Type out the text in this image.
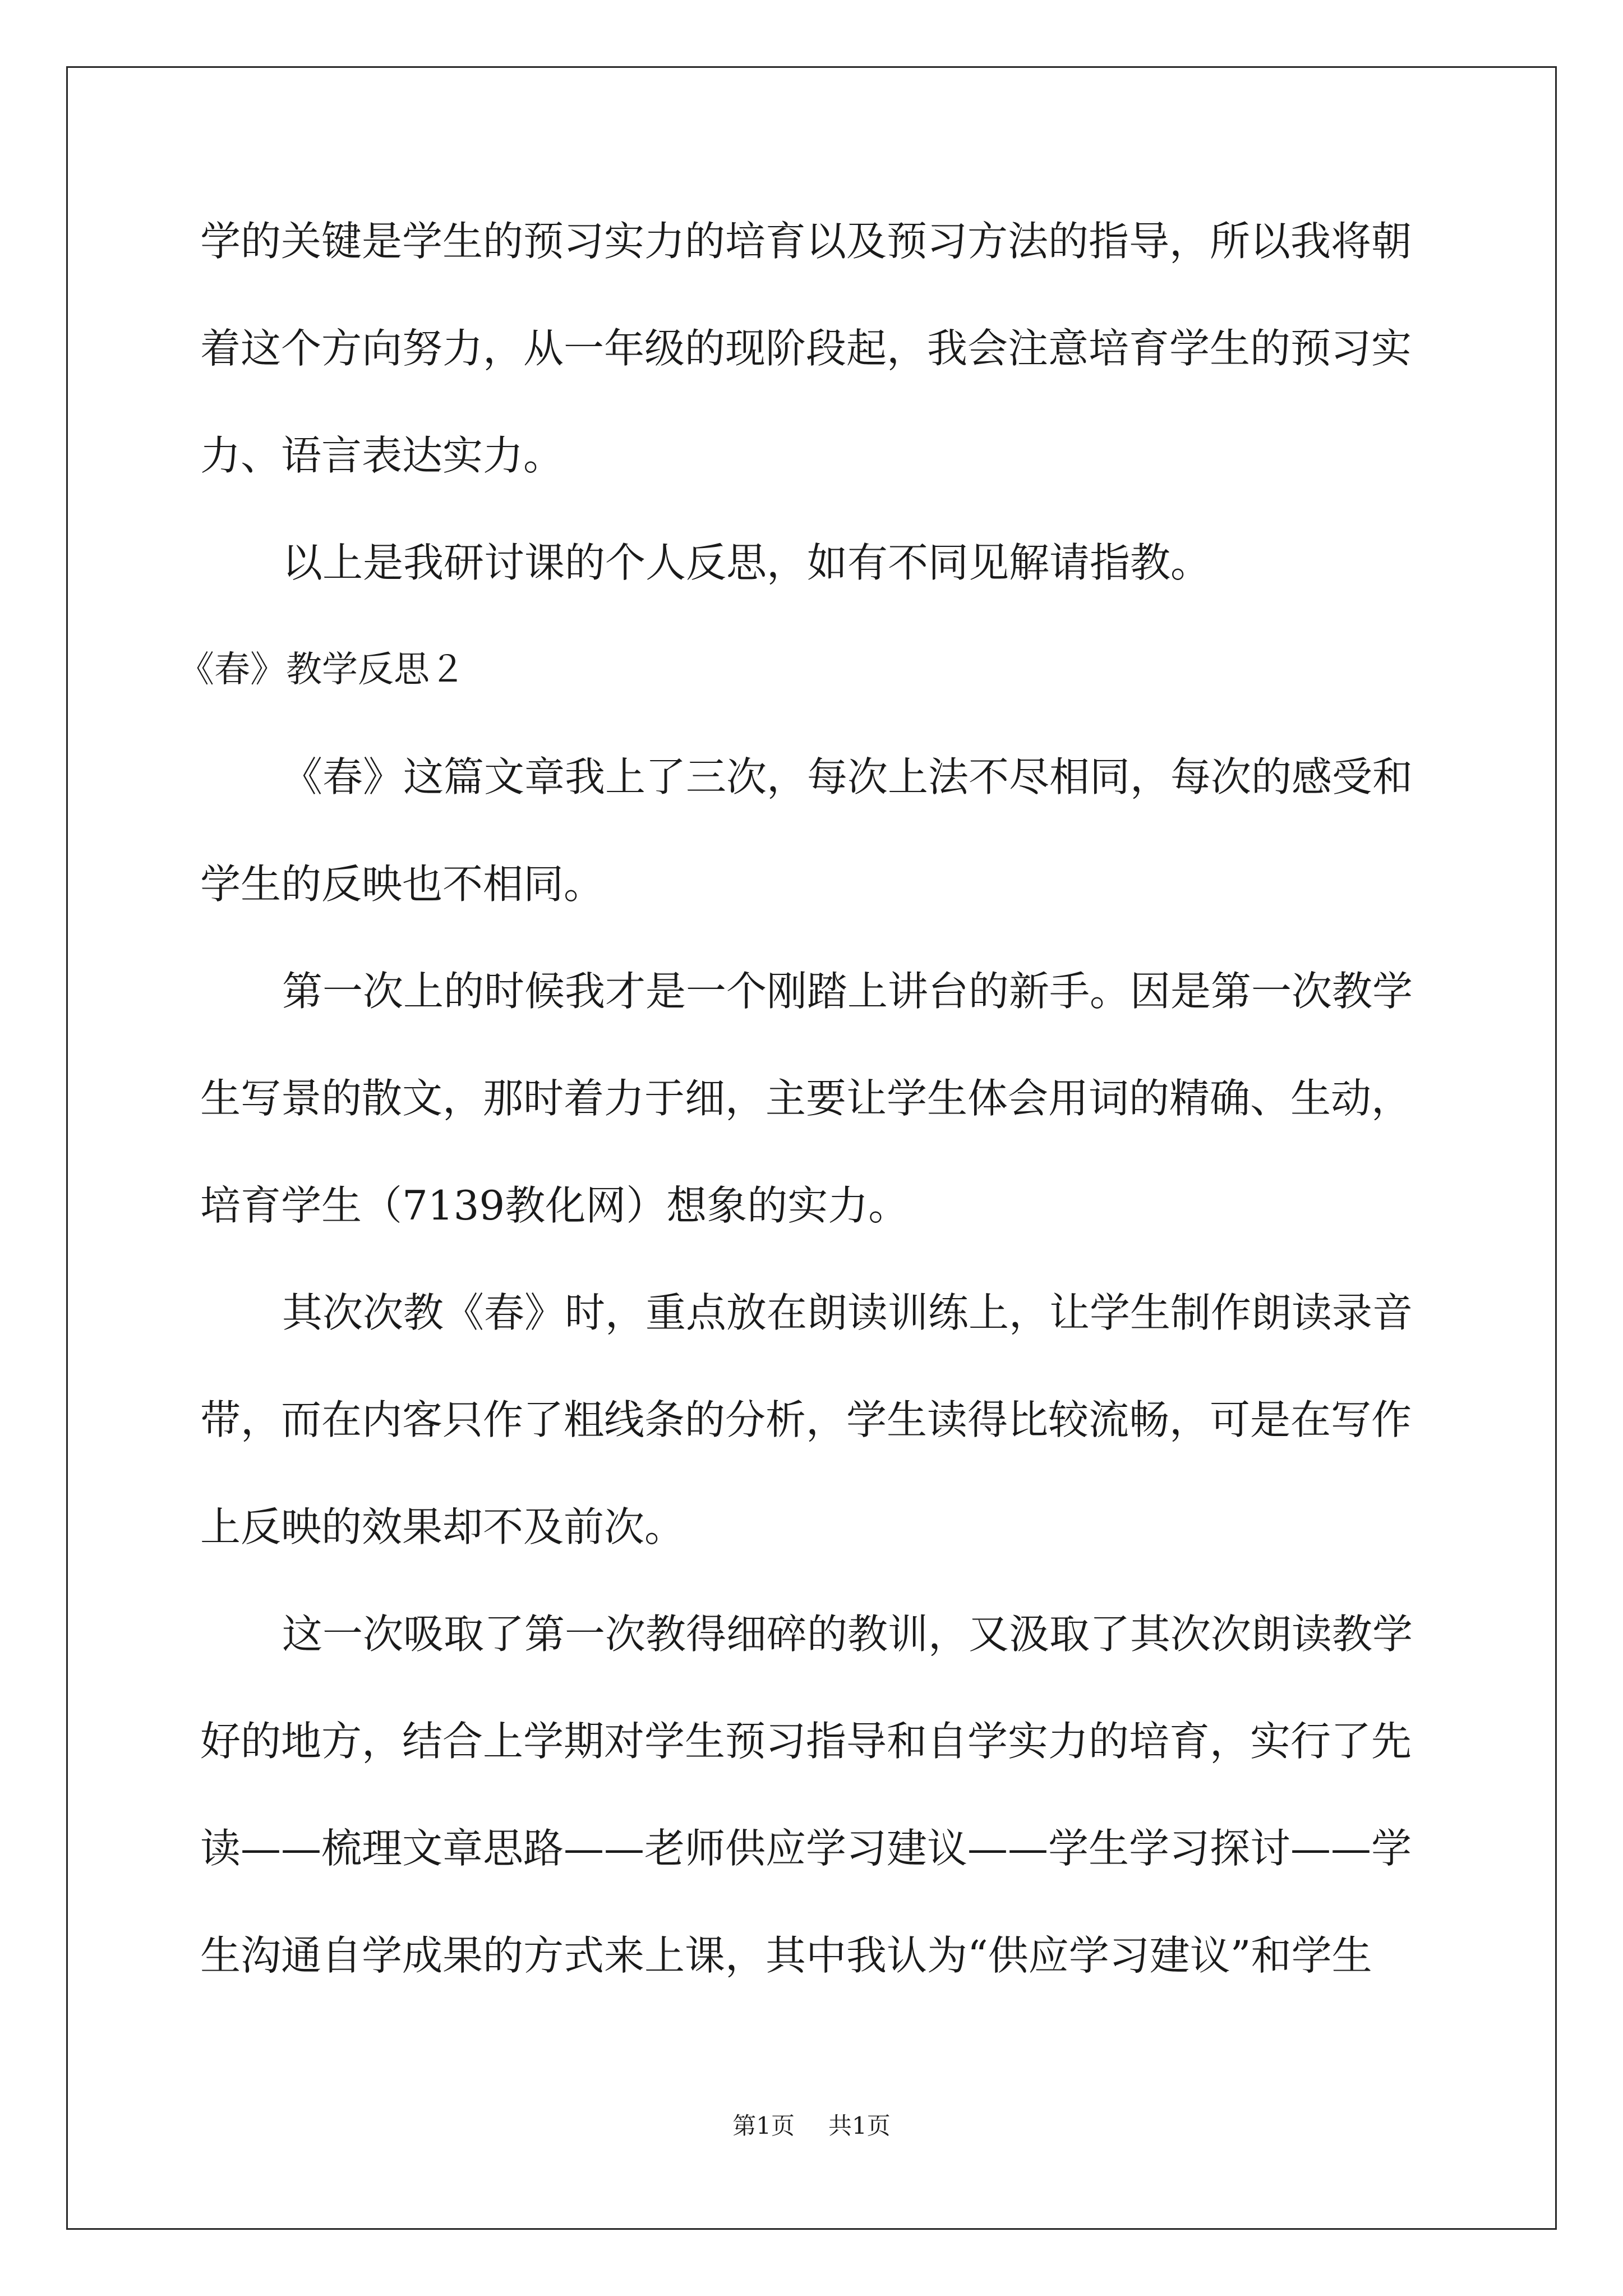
学的关键是学生的预习实力的培育以及预习方法的指导，所以我将朝
着这个方向努力，从一年级的现阶段起，我会注意培育学生的预习实
力、语言表达实力。
以上是我研讨课的个人反思，如有不同见解请指教。
《春》教学反思２
《春》这篇文章我上了三次，每次上法不尽相同，每次的感受和
学生的反映也不相同。
第一次上的时候我才是一个刚踏上讲台的新手。因是第一次教学
生写景的散文，那时着力于细，主要让学生体会用词的精确、生动，
培育学生（7139教化网）想象的实力。
其次次教《春》时，重点放在朗读训练上，让学生制作朗读录音
带，而在内客只作了粗线条的分析，学生读得比较流畅，可是在写作
上反映的效果却不及前次。
这一次吸取了第一次教得细碎的教训，又汲取了其次次朗读教学
好的地方，结合上学期对学生预习指导和自学实力的培育，实行了先
读——梳理文章思路——老师供应学习建议——学生学习探讨——学
生沟通自学成果的方式来上课，其中我认为“供应学习建议”和学生
第1页 共1页
